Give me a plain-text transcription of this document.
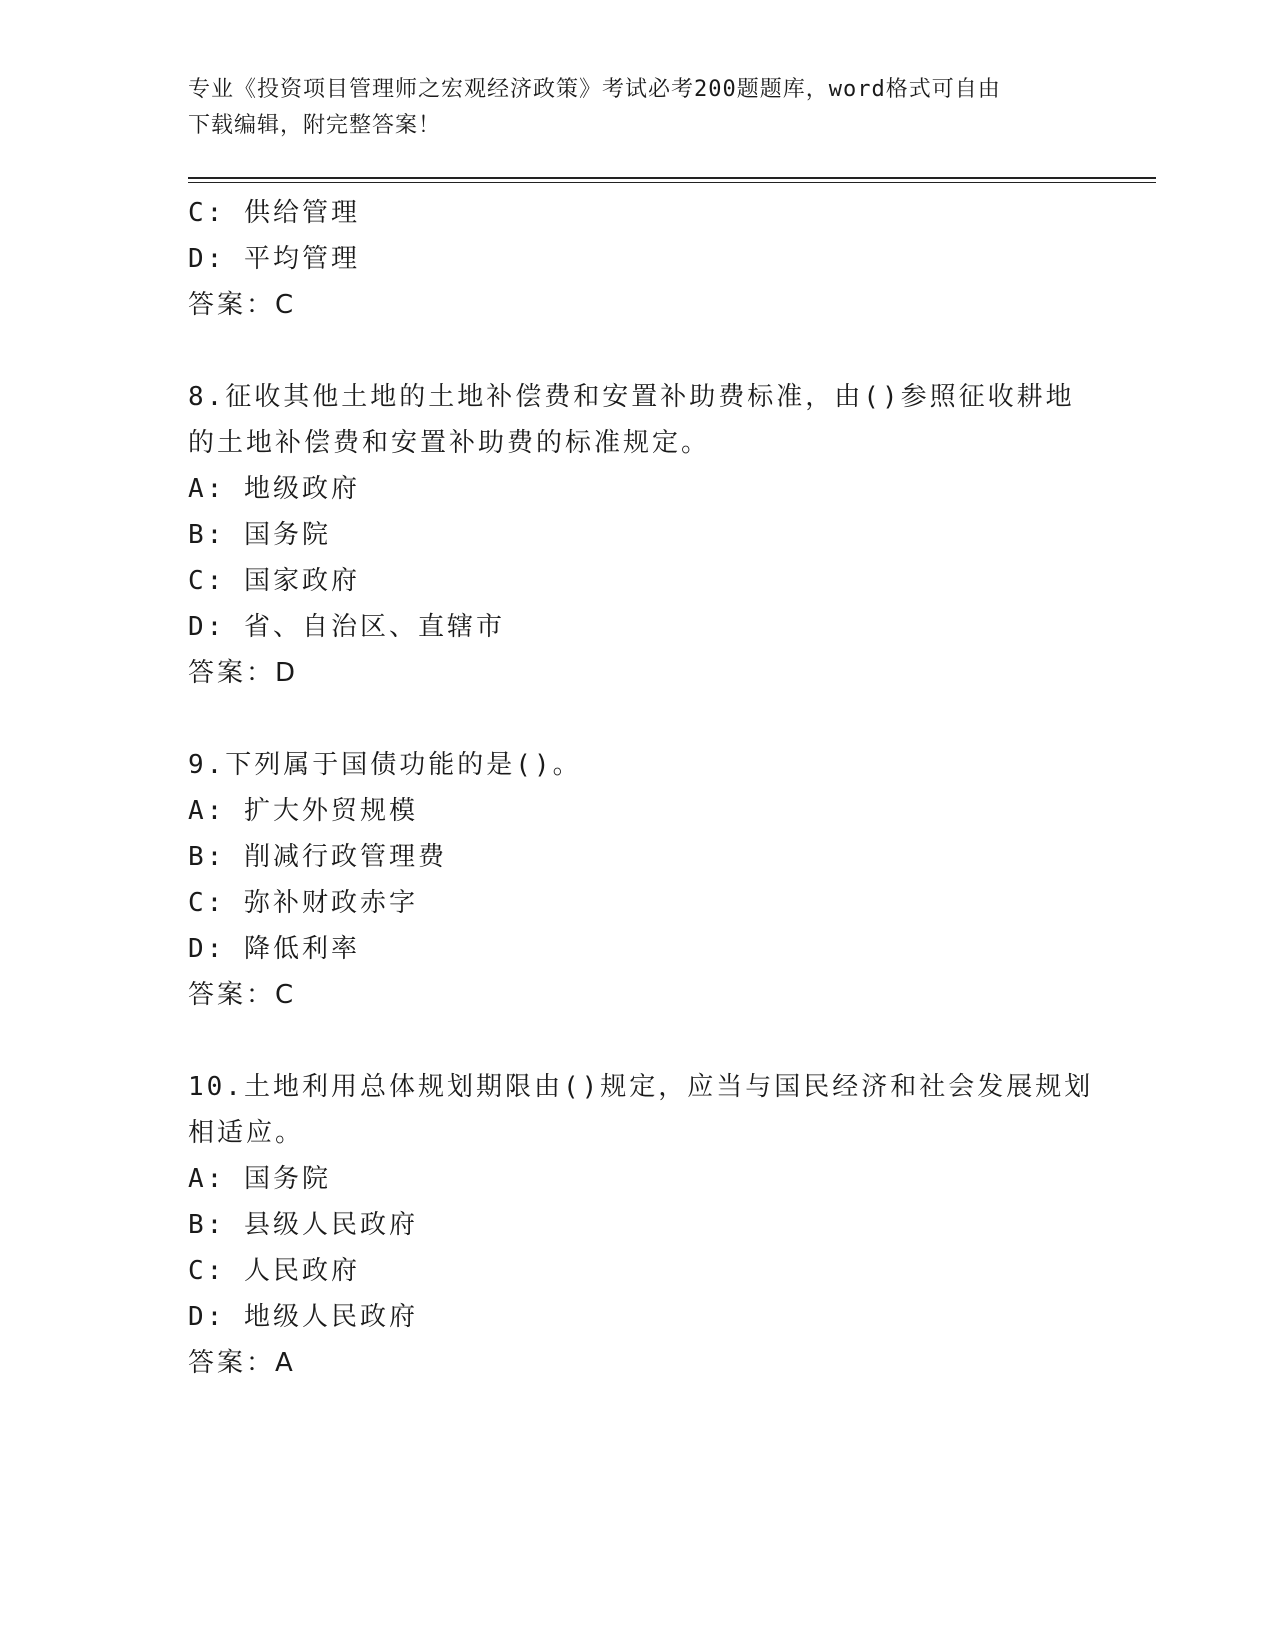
专业《投资项目管理师之宏观经济政策》考试必考200题题库，word格式可自由
下载编辑，附完整答案！
C: 供给管理
D: 平均管理
答案：C
8.征收其他土地的土地补偿费和安置补助费标准，由()参照征收耕地
的土地补偿费和安置补助费的标准规定。
A: 地级政府
B: 国务院
C: 国家政府
D: 省、自治区、直辖市
答案：D
9.下列属于国债功能的是()。
A: 扩大外贸规模
B: 削减行政管理费
C: 弥补财政赤字
D: 降低利率
答案：C
10.土地利用总体规划期限由()规定，应当与国民经济和社会发展规划
相适应。
A: 国务院
B: 县级人民政府
C: 人民政府
D: 地级人民政府
答案：A
